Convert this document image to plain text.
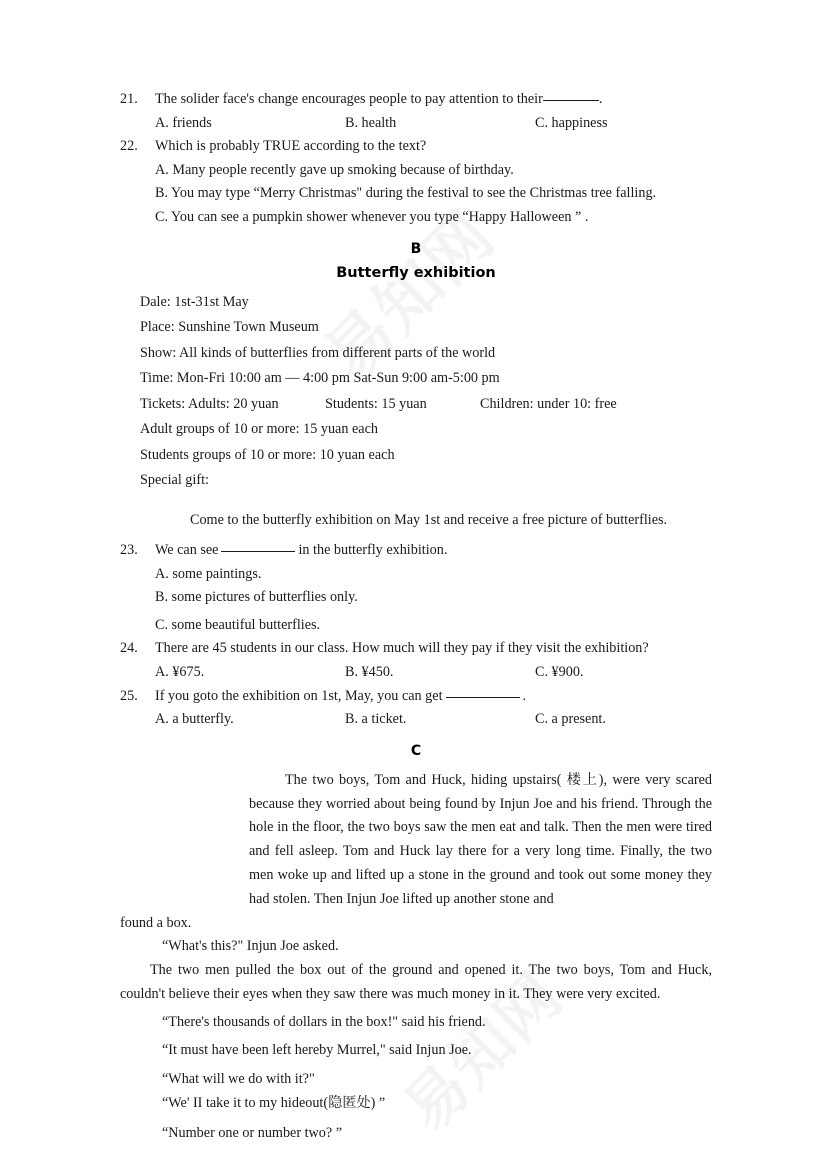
21.	The solider face's change encourages people to pay attention to their	.
A. friends	B. health	C. happiness
22.	Which is probably TRUE according to the text?
A. Many people recently gave up smoking because of birthday.
B. You may type “Merry Christmas" during the festival to see the Christmas tree falling.
C. You can see a pumpkin shower whenever you type “Happy Halloween ” .
B
Butterfly exhibition
Dale: 1st-31st May
Place: Sunshine Town Museum
Show: All kinds of butterflies from different parts of the world
Time: Mon-Fri 10:00 am — 4:00 pm Sat-Sun 9:00 am-5:00 pm
Tickets: Adults: 20 yuan	Students: 15 yuan	Children: under 10: free
Adult groups of 10 or more: 15 yuan each
Students groups of 10 or more: 10 yuan each
Special gift:
Come to the butterfly exhibition on May 1st and receive a free picture of butterflies.
23.	We can see	in the butterfly exhibition.
A. some paintings.
B. some pictures of butterflies only.
C. some beautiful butterflies.
24.	There are 45 students in our class. How much will they pay if they visit the exhibition?
A. ¥675.	B. ¥450.	C. ¥900.
25.	If you goto the exhibition on 1st, May, you can get	.
A. a butterfly.	B. a ticket.	C. a present.
C
The two boys, Tom and Huck, hiding upstairs( 楼上), were very scared because they worried about being found by Injun Joe and his friend. Through the hole in the floor, the two boys saw the men eat and talk. Then the men were tired and fell asleep. Tom and Huck lay there for a very long time. Finally, the two men woke up and lifted up a stone in the ground and took out some money they had stolen. Then Injun Joe lifted up another stone and
found a box.
“What's this?" Injun Joe asked.
The two men pulled the box out of the ground and opened it. The two boys, Tom and Huck, couldn't believe their eyes when they saw there was much money in it. They were very excited.
“There's thousands of dollars in the box!" said his friend.
“It must have been left hereby Murrel," said Injun Joe.
“What will we do with it?"
“We' II take it to my hideout(隐匿处) ”
“Number one or number two? ”
